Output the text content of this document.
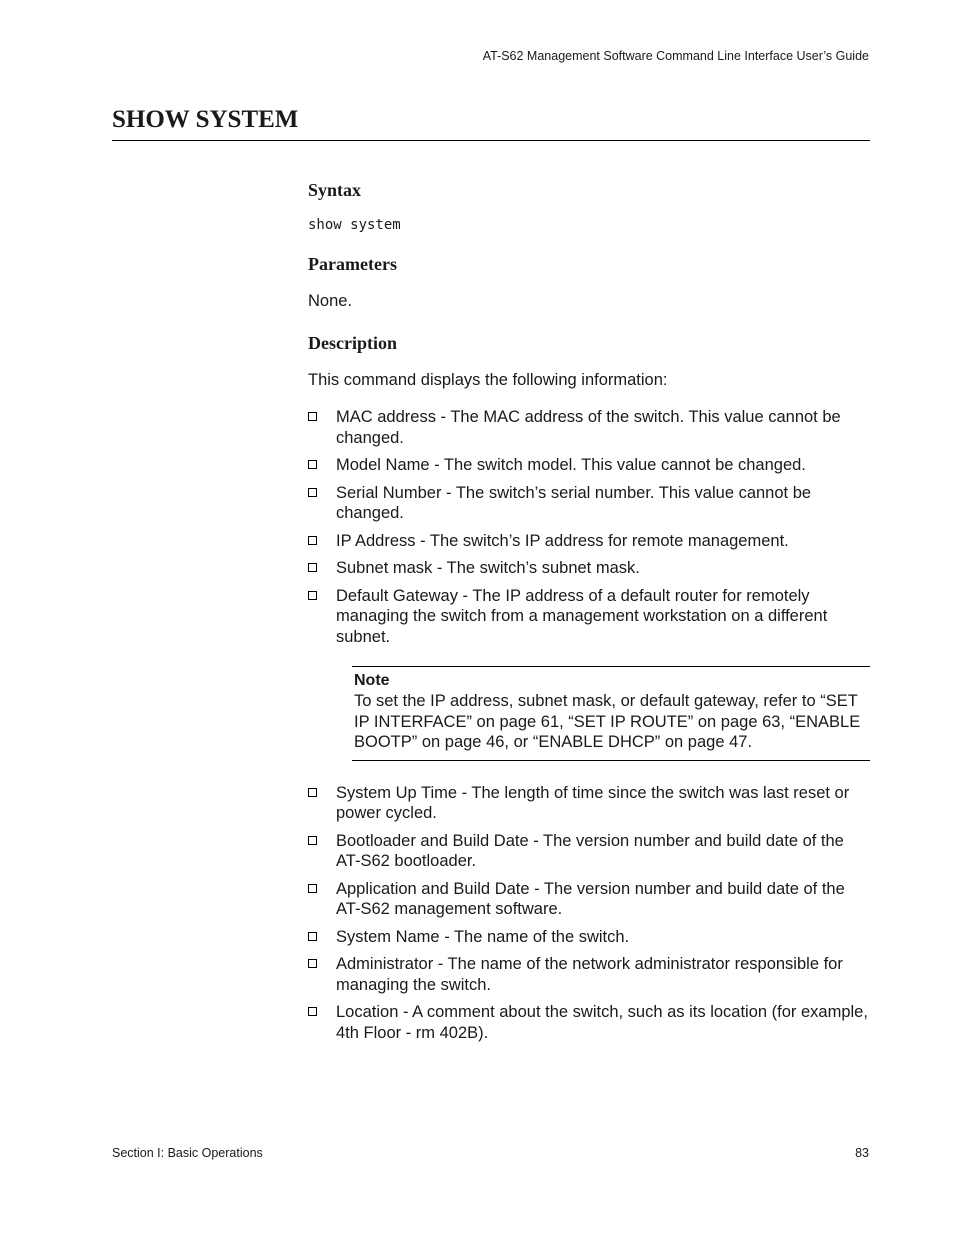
AT-S62 Management Software Command Line Interface User’s Guide
SHOW SYSTEM
Syntax

show system

Parameters

None.

Description

This command displays the following information:

MAC address - The MAC address of the switch. This value cannot be changed.
Model Name - The switch model. This value cannot be changed.
Serial Number - The switch’s serial number. This value cannot be changed.
IP Address - The switch’s IP address for remote management.
Subnet mask - The switch’s subnet mask.
Default Gateway - The IP address of a default router for remotely managing the switch from a management workstation on a different subnet.

Note

To set the IP address, subnet mask, or default gateway, refer to “SET IP INTERFACE” on page 61, “SET IP ROUTE” on page 63, “ENABLE BOOTP” on page 46, or “ENABLE DHCP” on page 47.

System Up Time - The length of time since the switch was last reset or power cycled.
Bootloader and Build Date - The version number and build date of the AT-S62 bootloader.
Application and Build Date - The version number and build date of the AT-S62 management software.
System Name - The name of the switch.
Administrator - The name of the network administrator responsible for managing the switch.
Location - A comment about the switch, such as its location (for example, 4th Floor - rm 402B).
Section I: Basic Operations	83
